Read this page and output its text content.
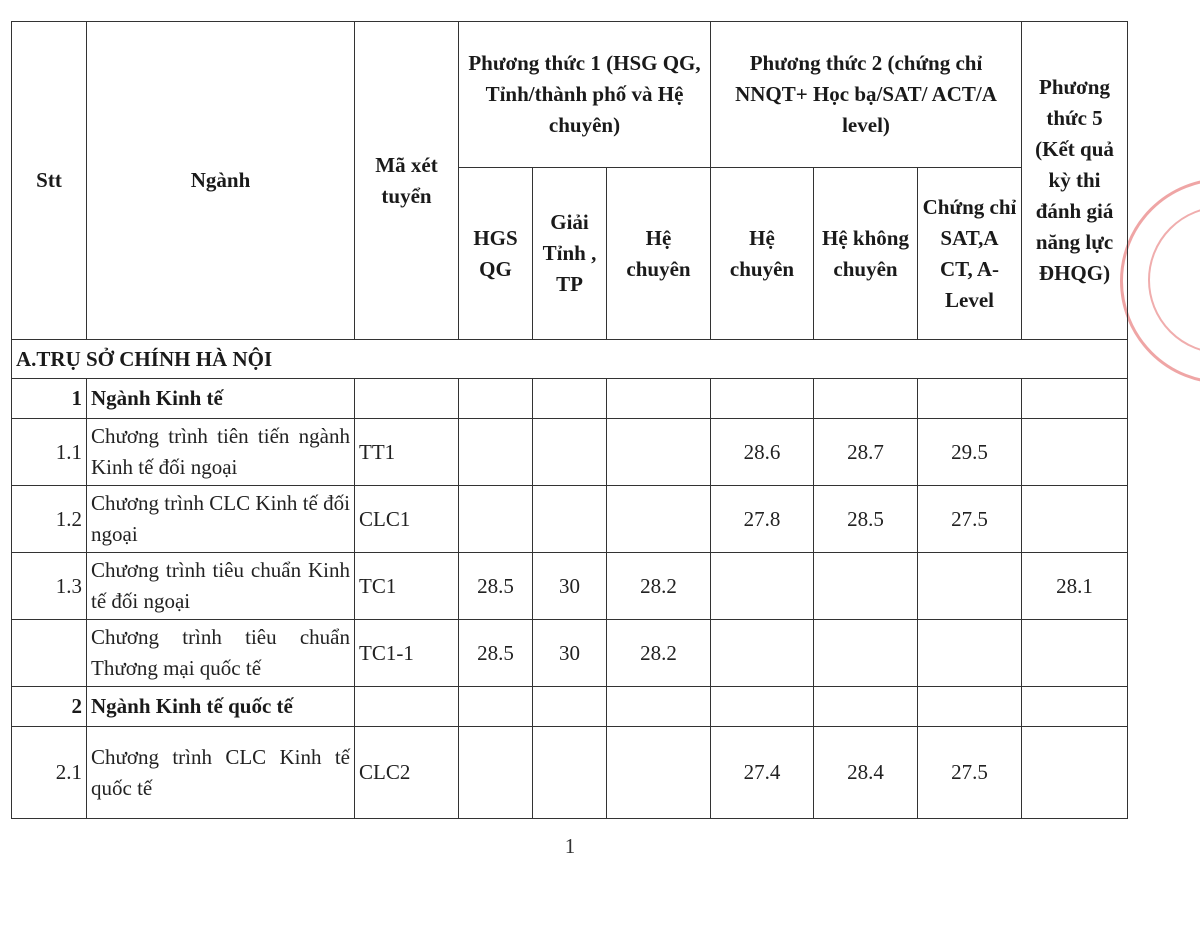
Stt	Ngành	Mã xét tuyển	Phương thức 1 (HSG QG, Tỉnh/thành phố và Hệ chuyên)			Phương thức 2 (chứng chỉ NNQT+ Học bạ/SAT/ ACT/A level)			Phương thức 5 (Kết quả kỳ thi đánh giá năng lực ĐHQG)
			HGS QG	Giải Tỉnh , TP	Hệ chuyên	Hệ chuyên	Hệ không chuyên	Chứng chỉ SAT,A CT, A-Level	
A.TRỤ SỞ CHÍNH HÀ NỘI									
1	Ngành Kinh tế								
1.1	Chương trình tiên tiến ngành Kinh tế đối ngoại	TT1				28.6	28.7	29.5	
1.2	Chương trình CLC Kinh tế đối ngoại	CLC1				27.8	28.5	27.5	
1.3	Chương trình tiêu chuẩn Kinh tế đối ngoại	TC1	28.5	30	28.2				28.1
	Chương trình tiêu chuẩn Thương mại quốc tế	TC1-1	28.5	30	28.2				
2	Ngành Kinh tế quốc tế								
2.1	Chương trình CLC Kinh tế quốc tế	CLC2				27.4	28.4	27.5	
1
